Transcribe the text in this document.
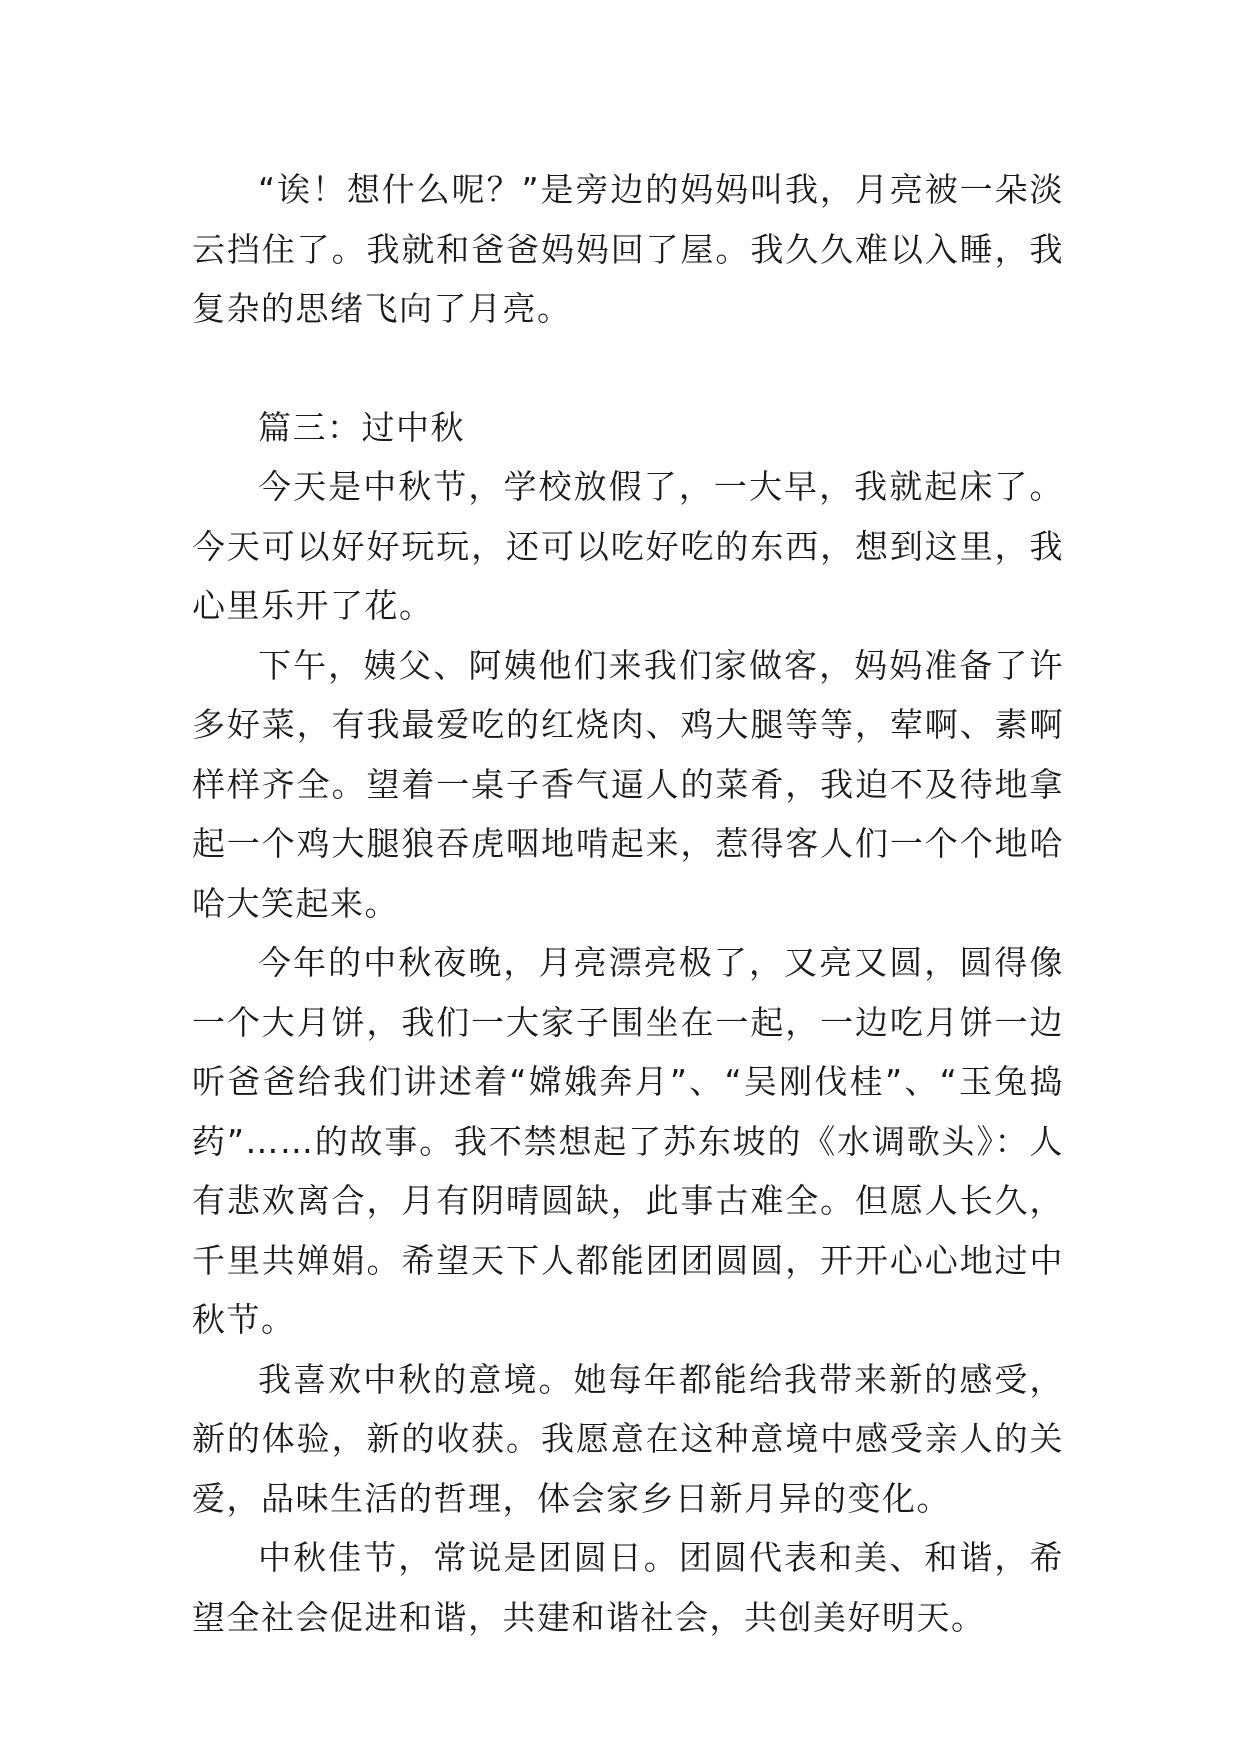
“诶！想什么呢？”是旁边的妈妈叫我，月亮被一朵淡云挡住了。我就和爸爸妈妈回了屋。我久久难以入睡，我复杂的思绪飞向了月亮。

篇三：过中秋

今天是中秋节，学校放假了，一大早，我就起床了。今天可以好好玩玩，还可以吃好吃的东西，想到这里，我心里乐开了花。

下午，姨父、阿姨他们来我们家做客，妈妈准备了许多好菜，有我最爱吃的红烧肉、鸡大腿等等，荤啊、素啊样样齐全。望着一桌子香气逼人的菜肴，我迫不及待地拿起一个鸡大腿狼吞虎咽地啃起来，惹得客人们一个个地哈哈大笑起来。

今年的中秋夜晚，月亮漂亮极了，又亮又圆，圆得像一个大月饼，我们一大家子围坐在一起，一边吃月饼一边听爸爸给我们讲述着“嫦娥奔月”、“吴刚伐桂”、“玉兔捣药”……的故事。我不禁想起了苏东坡的《水调歌头》：人有悲欢离合，月有阴晴圆缺，此事古难全。但愿人长久，千里共婵娟。希望天下人都能团团圆圆，开开心心地过中秋节。

我喜欢中秋的意境。她每年都能给我带来新的感受，新的体验，新的收获。我愿意在这种意境中感受亲人的关爱，品味生活的哲理，体会家乡日新月异的变化。

中秋佳节，常说是团圆日。团圆代表和美、和谐，希望全社会促进和谐，共建和谐社会，共创美好明天。
